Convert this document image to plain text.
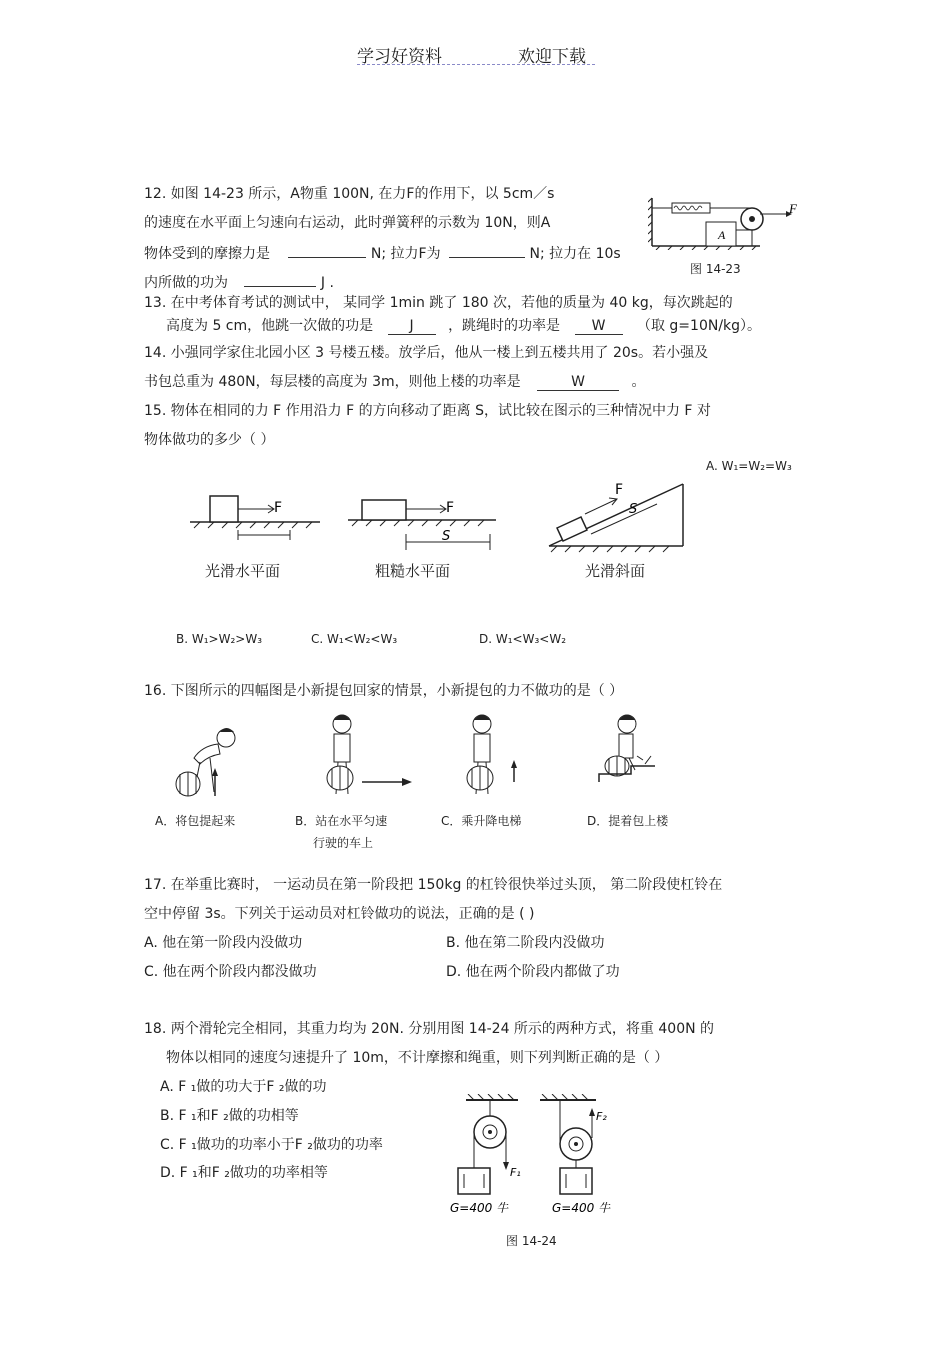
学习好资料	欢迎下载
12. 如图 14-23 所示，A物重 100N, 在力F的作用下，以 5cm／s
的速度在水平面上匀速向右运动，此时弹簧秤的示数为 10N，则A
物体受到的摩擦力是	N; 拉力F为	N; 拉力在 10s
内所做的功为	J .
A
F
图 14-23
13. 在中考体育考试的测试中， 某同学 1min 跳了 180 次，若他的质量为 40 kg，每次跳起的
高度为 5 cm，他跳一次做的功是	J ，跳绳时的功率是 W （取 g=10N/kg）。
14. 小强同学家住北园小区 3 号楼五楼。放学后，他从一楼上到五楼共用了 20s。若小强及
书包总重为 480N，每层楼的高度为 3m，则他上楼的功率是	W	。
15. 物体在相同的力 F 作用沿力 F 的方向移动了距离 S，试比较在图示的三种情况中力 F 对
物体做功的多少（ ）
A. W₁=W₂=W₃
F	F
S
F
S
光滑水平面	粗糙水平面	光滑斜面
B. W₁>W₂>W₃	C. W₁<W₂<W₃	D. W₁<W₃<W₂
16. 下图所示的四幅图是小新提包回家的情景，小新提包的力不做功的是（ ）
A．将包提起来	B．站在水平匀速
行驶的车上
C．乘升降电梯	D．提着包上楼
17. 在举重比赛时， 一运动员在第一阶段把 150kg 的杠铃很快举过头顶， 第二阶段使杠铃在
空中停留 3s。下列关于运动员对杠铃做功的说法，正确的是 ( )
A. 他在第一阶段内没做功	B. 他在第二阶段内没做功
C. 他在两个阶段内都没做功	D. 他在两个阶段内都做了功
18. 两个滑轮完全相同，其重力均为 20N. 分别用图 14-24 所示的两种方式，将重 400N 的
物体以相同的速度匀速提升了 10m，不计摩擦和绳重，则下列判断正确的是（ ）
A. F ₁做的功大于F ₂做的功
B. F ₁和F ₂做的功相等
C. F ₁做功的功率小于F ₂做功的功率
D. F ₁和F ₂做功的功率相等	F₁
G=400 牛
F₂
G=400 牛
图 14-24
